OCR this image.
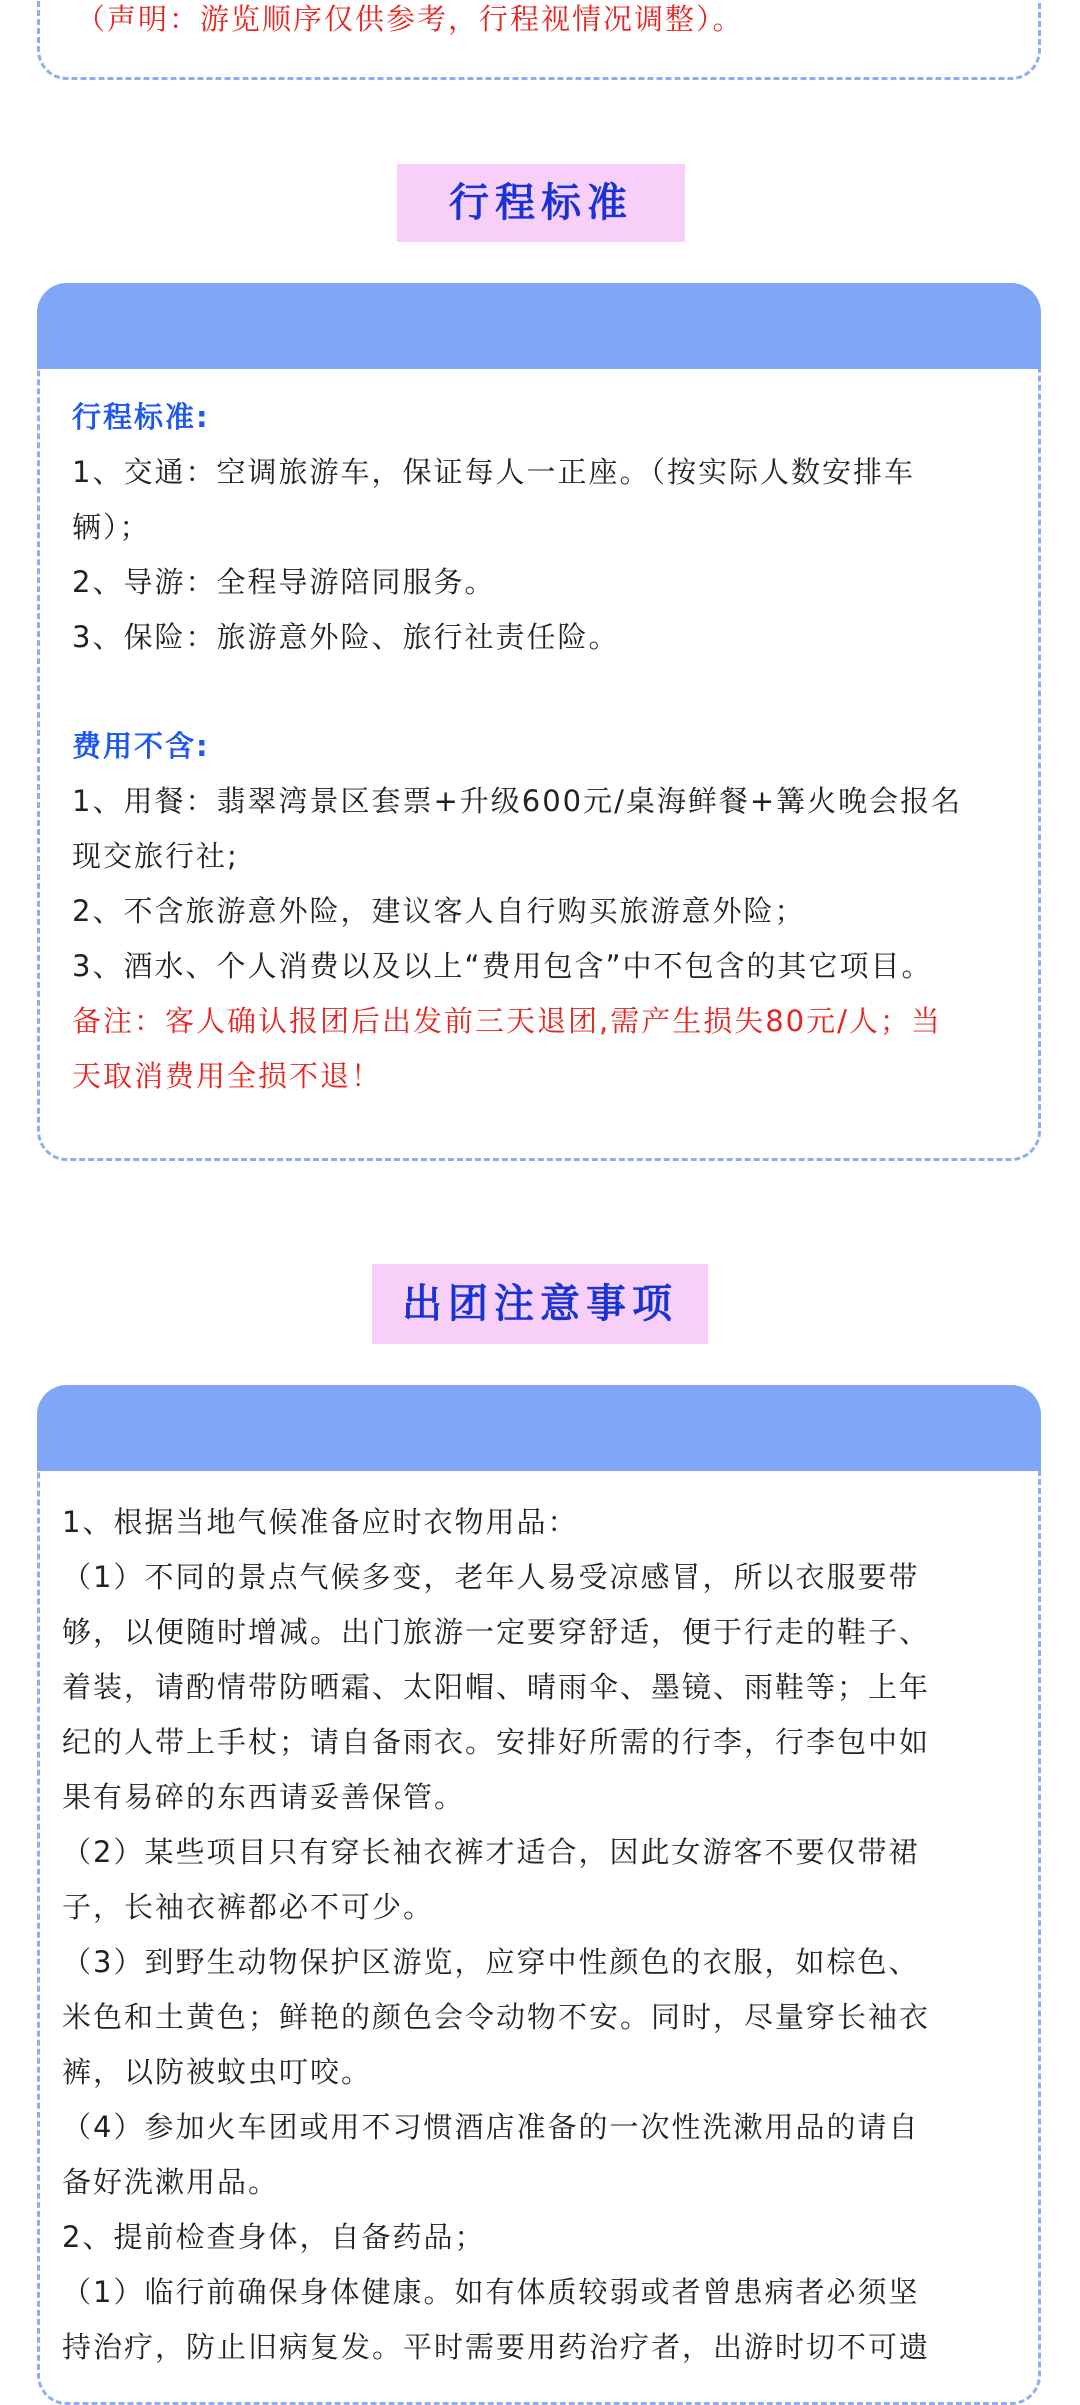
（声明：游览顺序仅供参考，行程视情况调整）。
行程标准
行程标准:
1、交通：空调旅游车，保证每人一正座。（按实际人数安排车
辆）；
2、导游：全程导游陪同服务。
3、保险：旅游意外险、旅行社责任险。
费用不含:
1、用餐：翡翠湾景区套票+升级600元/桌海鲜餐+篝火晚会报名
现交旅行社;
2、不含旅游意外险，建议客人自行购买旅游意外险；
3、酒水、个人消费以及以上“费用包含”中不包含的其它项目。
备注：客人确认报团后出发前三天退团,需产生损失80元/人；当
天取消费用全损不退！
出团注意事项
1、根据当地气候准备应时衣物用品：
（1）不同的景点气候多变，老年人易受凉感冒，所以衣服要带
够，以便随时增减。出门旅游一定要穿舒适，便于行走的鞋子、
着装，请酌情带防晒霜、太阳帽、晴雨伞、墨镜、雨鞋等；上年
纪的人带上手杖；请自备雨衣。安排好所需的行李，行李包中如
果有易碎的东西请妥善保管。
（2）某些项目只有穿长袖衣裤才适合，因此女游客不要仅带裙
子，长袖衣裤都必不可少。
（3）到野生动物保护区游览，应穿中性颜色的衣服，如棕色、
米色和土黄色；鲜艳的颜色会令动物不安。同时，尽量穿长袖衣
裤，以防被蚊虫叮咬。
（4）参加火车团或用不习惯酒店准备的一次性洗漱用品的请自
备好洗漱用品。
2、提前检查身体，自备药品；
（1）临行前确保身体健康。如有体质较弱或者曾患病者必须坚
持治疗，防止旧病复发。平时需要用药治疗者，出游时切不可遗
